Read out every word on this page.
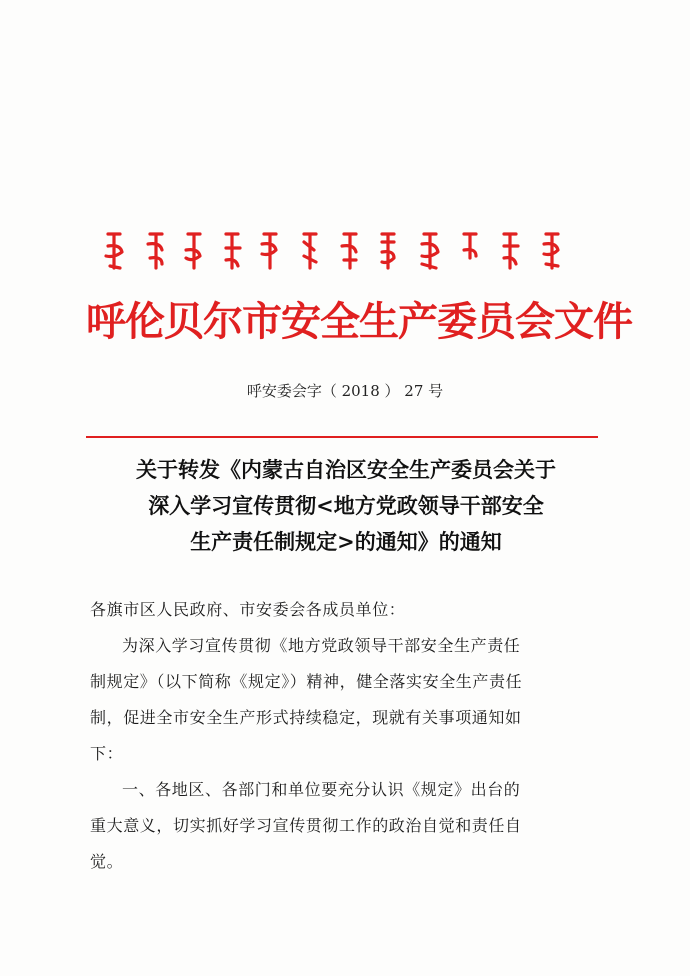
呼伦贝尔市安全生产委员会文件
呼安委会字（ 2018 ） 27 号
关于转发《内蒙古自治区安全生产委员会关于
深入学习宣传贯彻<地方党政领导干部安全
生产责任制规定>的通知》的通知

各旗市区人民政府、市安委会各成员单位：

为深入学习宣传贯彻《地方党政领导干部安全生产责任

制规定》（以下简称《规定》）精神，健全落实安全生产责任

制，促进全市安全生产形式持续稳定，现就有关事项通知如

下：

一、各地区、各部门和单位要充分认识《规定》出台的

重大意义，切实抓好学习宣传贯彻工作的政治自觉和责任自

觉。
